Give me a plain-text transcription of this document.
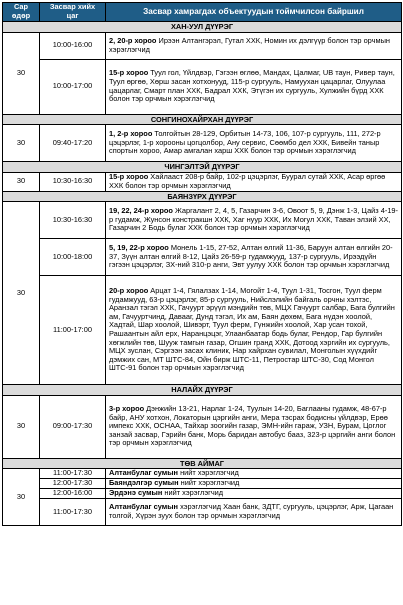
Сар өдөр	Засвар хийх цаг	Засвар хамрагдах объектуудын тоймчилсон байршил
ХАН-УУЛ ДҮҮРЭГ		
30	10:00-16:00	2, 20-р хороо Ирээн Алтангэрэл, Гутал ХХК, Номин их дэлгүүр болон тэр орчмын хэрэглэгчид
	10:00-17:00	15-р хороо Туул гол, Үйлдвэр, Гэгээн өглөө, Мандах, Цалмаг, UB таун, Ривер таун, Туул өргөө, Хөрш засан хотхонууд, 115-р сургууль, Намуухан цацарлаг, Олуулаа цацарлаг, Смарт план ХХК, Бадрал ХХК, Этүгэн их сургууль, Хулжийн бүрд ХХК болон тэр орчмын хэрэглэгчид
СОНГИНОХАЙРХАН ДҮҮРЭГ		
30	09:40-17:20	1, 2-р хороо Толгойтын 28-129, Орбитын 14-73, 106, 107-р сургууль, 111, 272-р цэцэрлэг, 1-р хорооны цогцолбор, Ану сервис, Сөөмбо дел ХХК, Бивейн таныр спортын хороо, Амар амгалан харш ХХК болон тэр орчмын хэрэглэгчид
ЧИНГЭЛТЭЙ ДҮҮРЭГ		
30	10:30-16:30	15-р хороо Хайлааст 208-р байр, 102-р цэцэрлэг, Буурал сутай ХХК, Асар өргөө ХХК болон тэр орчмын хэрэглэгчид
БАЯНЗҮРХ ДҮҮРЭГ		
30	10:30-16:30	19, 22, 24-р хороо Жаргалант 2, 4, 5, Газарчин 3-6, Овоот 5, 9, Дэнж 1-3, Цайз 4-19-р гудамж, Жунсон констракшн ХХК, Хаг нуур ХХК, Их Могул ХХК, Таван элзий ХХ, Газарчин 2 Бодь булаг ХХК болон тэр орчмын хэрэглэгчид
	10:00-18:00	5, 19, 22-р хороо Монель 1-15, 27-52, Алтан өлгий 11-36, Баруун алтан өлгийн 20-37, Зүүн алтан өлгий 8-12, Цайз 26-59-р гудамжууд, 137-р сургууль, Ирээдүйн гэгээн цэцэрлэг, ЗХ-ний 310-р анги, Эвт уулуу ХХК болон тэр орчмын хэрэглэгчид
	11:00-17:00	20-р хороо Арцат 1-4, Гялалзах 1-14, Могойт 1-4, Туул 1-31, Тосгон, Туул ферм гудамжууд, 63-р цэцэрлэг, 85-р сургууль, Нийслэлийн байгаль орчны хэлтэс, Аранзал тэгэл ХХК, Гачуурт эрүүл мэндийн төв, МЦХ Гачуурт салбар, Бага булгийн ам, Гачууртчинд, Давааг, Дунд тэгэл, Их ам, Баян дөхөм, Бага нүдэн хоолой, Хадтай, Шар хоолой, Шивэрт, Туул ферм, Гүнжийн хоолой, Хар усан тохой, Рашаантын айл ерх, Наранцэцэг, Улаанбаатар бодь булаг, Рендор, Гар булгийн хөгжлийн төв, Шууж тамгын газар, Огшин гранд ХХК, Дотоод хэргийн их сургууль, МЦХ зуслан, Сэргээн засах клиник, Нар хайрхан сувилал, Монголын хүүхдийг дэмжих сан, МТ ШТС-84, Ойн бирж ШТС-11, Петростар ШТС-30, Сод Монгол ШТС-91 болон тэр орчмын хэрэглэгчид
НАЛАЙХ ДҮҮРЭГ		
30	09:00-17:30	3-р хороо Дэнжийн 13-21, Нарлаг 1-24, Туулын 14-20, Баглааны гудамж, 48-67-р байр, АНУ хотхон, Локаторын цэргийн анги, Мера тэсрах бодисны үйлдвэр, Ерөө импекс ХХК, ОСНАА, Тайхар зоогийн газар, ЭМН-ийн гараж, УЗН, Бурам, Цоглог занзай засвар, Гэрийн банк, Морь баридан автобус бааз, 323-р цэргийн анги болон тэр орчмын хэрэглэгчид
ТӨВ АЙМАГ		
30	11:00-17:30	Алтанбулаг сумын нийт хэрэглэгчид
	12:00-17:30	Баяндэлгэр сумын нийт хэрэглэгчид
	12:00-16:00	Эрдэнэ сумын нийт хэрэглэгчид
	11:00-17:30	Алтанбулаг сумын хэрэглэгчид Хаан банк, ЗДТГ, сургууль, цэцэрлэг, Арж, Цагаан толгой, Хүрэн зуух болон тэр орчмын хэрэглэгчид
